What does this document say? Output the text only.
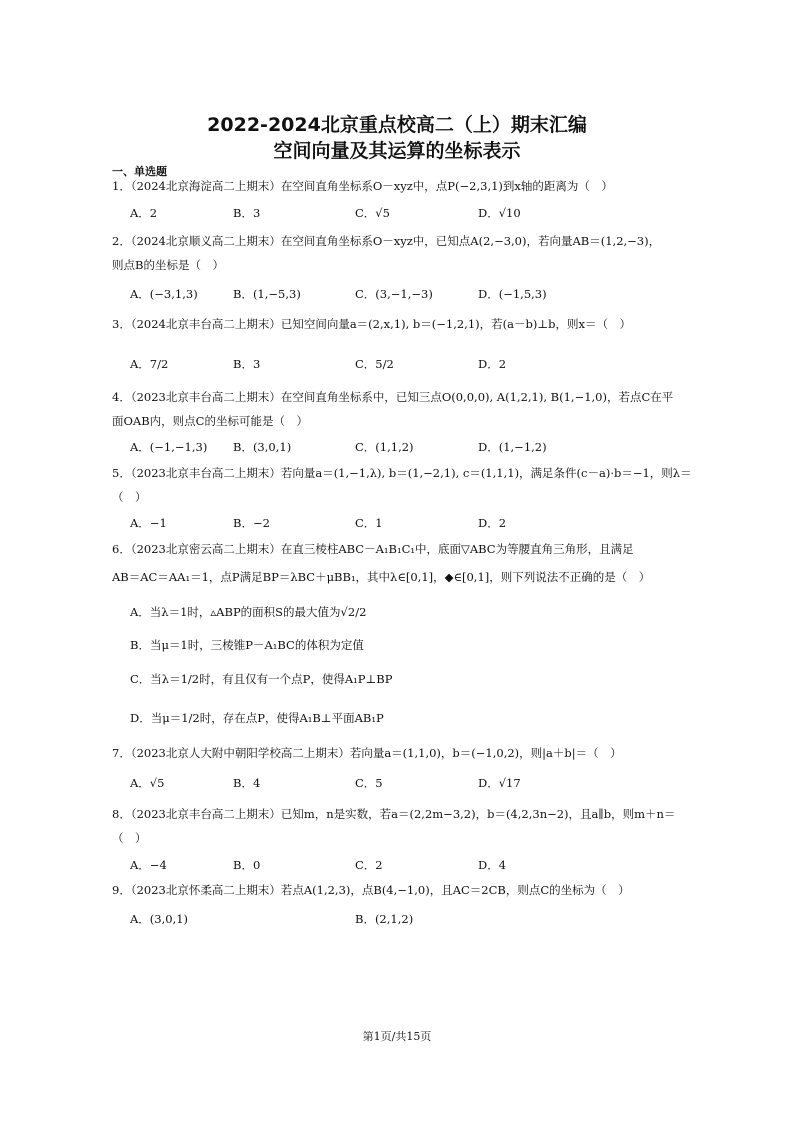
2022-2024北京重点校高二（上）期末汇编
空间向量及其运算的坐标表示
一、单选题
1．（2024北京海淀高二上期末）在空间直角坐标系O－xyz中，点P(−2,3,1)到x轴的距离为（　）
A．2	B．3	C．√5	D．√10
2．（2024北京顺义高二上期末）在空间直角坐标系O－xyz中，已知点A(2,−3,0)，若向量AB＝(1,2,−3)，
则点B的坐标是（　）
A．(−3,1,3)	B．(1,−5,3)	C．(3,−1,−3)	D．(−1,5,3)
3．（2024北京丰台高二上期末）已知空间向量a＝(2,x,1), b＝(−1,2,1)，若(a－b)⊥b，则x＝（　）
A．7/2	B．3	C．5/2	D．2
4．（2023北京丰台高二上期末）在空间直角坐标系中，已知三点O(0,0,0), A(1,2,1), B(1,−1,0)，若点C在平
面OAB内，则点C的坐标可能是（　）
A．(−1,−1,3) B．(3,0,1)	C．(1,1,2)	D．(1,−1,2)
5．（2023北京丰台高二上期末）若向量a＝(1,−1,λ), b＝(1,−2,1), c＝(1,1,1)，满足条件(c－a)·b＝−1，则λ＝
（　）
A．−1	B．−2	C．1	D．2
6．（2023北京密云高二上期末）在直三棱柱ABC－A₁B₁C₁中，底面▽ABC为等腰直角三角形，且满足
AB＝AC＝AA₁＝1，点P满足BP＝λBC＋μBB₁，其中λ∈[0,1]，◆∈[0,1]，则下列说法不正确的是（　）
A．当λ＝1时，▵ABP的面积S的最大值为√2/2
B．当μ＝1时，三棱锥P－A₁BC的体积为定值
C．当λ＝1/2时，有且仅有一个点P，使得A₁P⊥BP
D．当μ＝1/2时，存在点P，使得A₁B⊥平面AB₁P
7．（2023北京人大附中朝阳学校高二上期末）若向量a＝(1,1,0)，b＝(−1,0,2)，则|a＋b|＝（　）
A．√5	B．4	C．5	D．√17
8．（2023北京丰台高二上期末）已知m，n是实数，若a＝(2,2m−3,2)，b＝(4,2,3n−2)，且a∥b，则m＋n＝
（　）
A．−4	B．0	C．2	D．4
9．（2023北京怀柔高二上期末）若点A(1,2,3)，点B(4,−1,0)，且AC＝2CB，则点C的坐标为（　）
A．(3,0,1)	B．(2,1,2)
第1页/共15页
